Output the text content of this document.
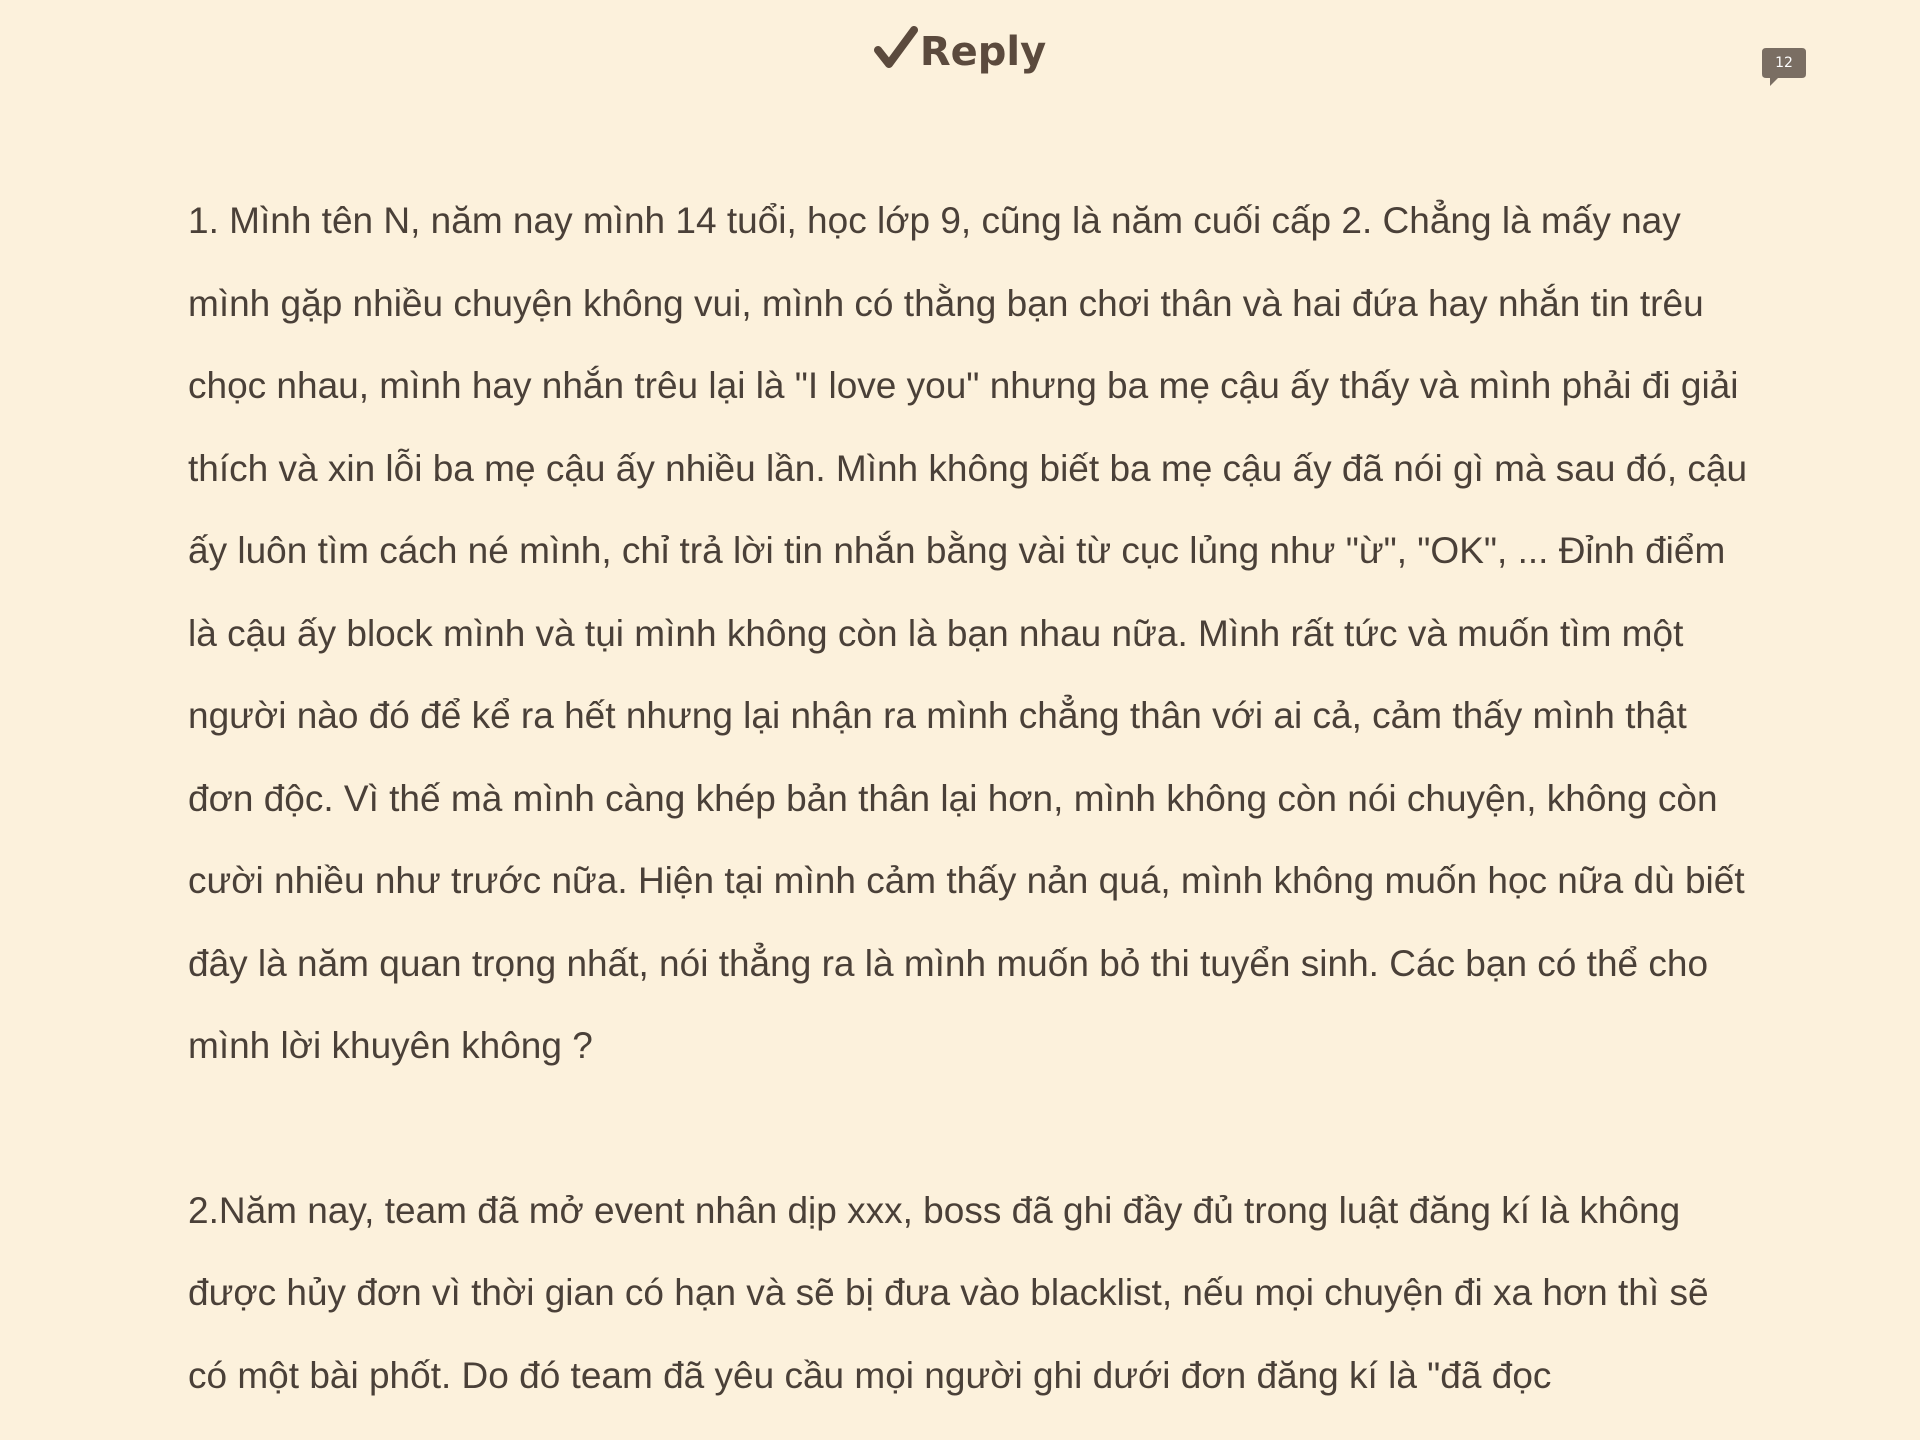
Reply	12

1. Mình tên N, năm nay mình 14 tuổi, học lớp 9, cũng là năm cuối cấp 2. Chẳng là mấy nay mình gặp nhiều chuyện không vui, mình có thằng bạn chơi thân và hai đứa hay nhắn tin trêu chọc nhau, mình hay nhắn trêu lại là "I love you" nhưng ba mẹ cậu ấy thấy và mình phải đi giải thích và xin lỗi ba mẹ cậu ấy nhiều lần. Mình không biết ba mẹ cậu ấy đã nói gì mà sau đó, cậu ấy luôn tìm cách né mình, chỉ trả lời tin nhắn bằng vài từ cục lủng như "ừ", "OK", ... Đỉnh điểm là cậu ấy block mình và tụi mình không còn là bạn nhau nữa. Mình rất tức và muốn tìm một người nào đó để kể ra hết nhưng lại nhận ra mình chẳng thân với ai cả, cảm thấy mình thật đơn độc. Vì thế mà mình càng khép bản thân lại hơn, mình không còn nói chuyện, không còn cười nhiều như trước nữa. Hiện tại mình cảm thấy nản quá, mình không muốn học nữa dù biết đây là năm quan trọng nhất, nói thẳng ra là mình muốn bỏ thi tuyển sinh. Các bạn có thể cho mình lời khuyên không ?

2.Năm nay, team đã mở event nhân dịp xxx, boss đã ghi đầy đủ trong luật đăng kí là không được hủy đơn vì thời gian có hạn và sẽ bị đưa vào blacklist, nếu mọi chuyện đi xa hơn thì sẽ có một bài phốt. Do đó team đã yêu cầu mọi người ghi dưới đơn đăng kí là "đã đọc
